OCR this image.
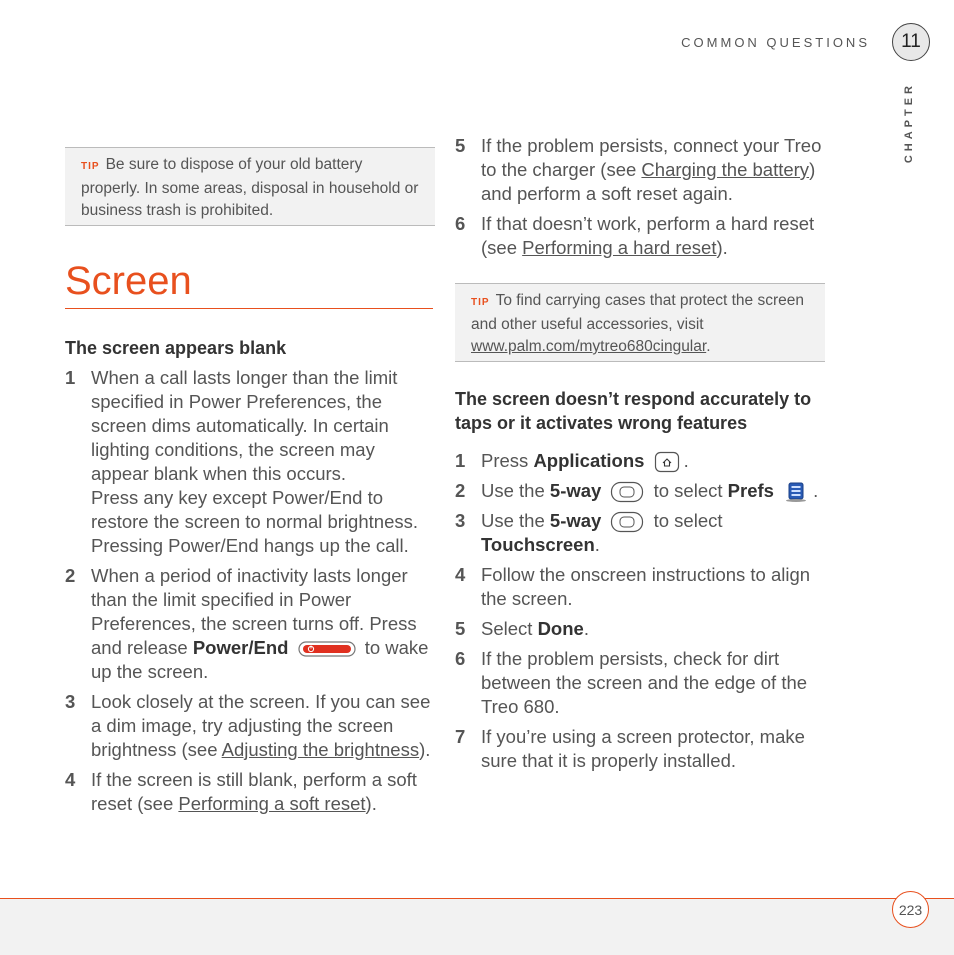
COMMON QUESTIONS	11
CHAPTER
TIP Be sure to dispose of your old battery properly. In some areas, disposal in household or business trash is prohibited.
Screen
The screen appears blank
1 When a call lasts longer than the limit specified in Power Preferences, the screen dims automatically. In certain lighting conditions, the screen may appear blank when this occurs.
Press any key except Power/End to restore the screen to normal brightness. Pressing Power/End hangs up the call.
2 When a period of inactivity lasts longer than the limit specified in Power Preferences, the screen turns off. Press and release Power/End	to wake up the screen.
3 Look closely at the screen. If you can see a dim image, try adjusting the screen brightness (see Adjusting the brightness).
4 If the screen is still blank, perform a soft reset (see Performing a soft reset).
5 If the problem persists, connect your Treo to the charger (see Charging the battery) and perform a soft reset again.
6 If that doesn’t work, perform a hard reset (see Performing a hard reset).
TIP To find carrying cases that protect the screen and other useful accessories, visit www.palm.com/mytreo680cingular.
The screen doesn’t respond accurately to taps or it activates wrong features
1 Press Applications .
2 Use the 5-way	to select Prefs .
3 Use the 5-way	to select Touchscreen.
4 Follow the onscreen instructions to align the screen.
5 Select Done.
6 If the problem persists, check for dirt between the screen and the edge of the Treo 680.
7 If you’re using a screen protector, make sure that it is properly installed.
223
